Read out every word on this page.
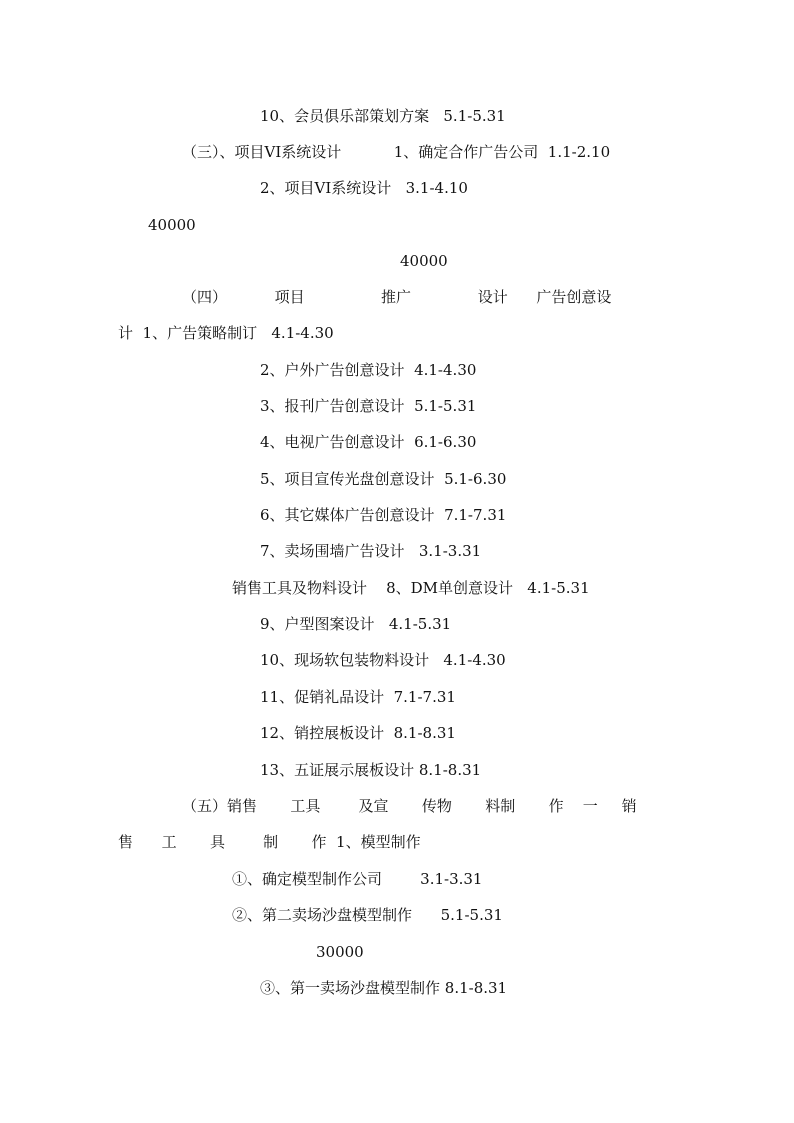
10、会员俱乐部策划方案   5.1-5.31
（三）、项目VI系统设计           1、确定合作广告公司  1.1-2.10
2、项目VI系统设计   3.1-4.10
40000
40000
（四）          项目                推广              设计      广告创意设
计  1、广告策略制订   4.1-4.30
2、户外广告创意设计  4.1-4.30
3、报刊广告创意设计  5.1-5.31
4、电视广告创意设计  6.1-6.30
5、项目宣传光盘创意设计  5.1-6.30
6、其它媒体广告创意设计  7.1-7.31
7、卖场围墙广告设计   3.1-3.31
销售工具及物料设计    8、DM单创意设计   4.1-5.31
9、户型图案设计   4.1-5.31
10、现场软包装物料设计   4.1-4.30
11、促销礼品设计  7.1-7.31
12、销控展板设计  8.1-8.31
13、五证展示展板设计 8.1-8.31
（五）销售       工具        及宣       传物       料制       作    一     销
售      工       具        制       作  1、模型制作
①、确定模型制作公司        3.1-3.31
②、第二卖场沙盘模型制作      5.1-5.31
30000
③、第一卖场沙盘模型制作 8.1-8.31
